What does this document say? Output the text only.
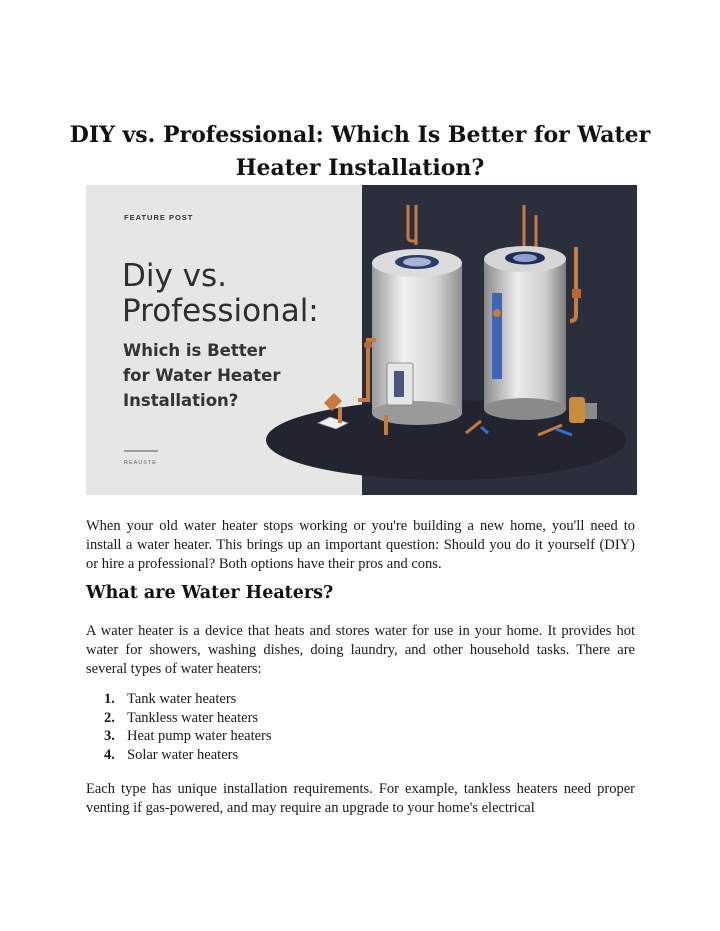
DIY vs. Professional: Which Is Better for Water Heater Installation?
FEATURE POST
Diy vs.
Professional:
Which is Better
for Water Heater
Installation?
REAUSTE

When your old water heater stops working or you're building a new home, you'll need to install a water heater. This brings up an important question: Should you do it yourself (DIY) or hire a professional? Both options have their pros and cons.

What are Water Heaters?

A water heater is a device that heats and stores water for use in your home. It provides hot water for showers, washing dishes, doing laundry, and other household tasks. There are several types of water heaters:

1. Tank water heaters
2. Tankless water heaters
3. Heat pump water heaters
4. Solar water heaters

Each type has unique installation requirements. For example, tankless heaters need proper venting if gas-powered, and may require an upgrade to your home's electrical
